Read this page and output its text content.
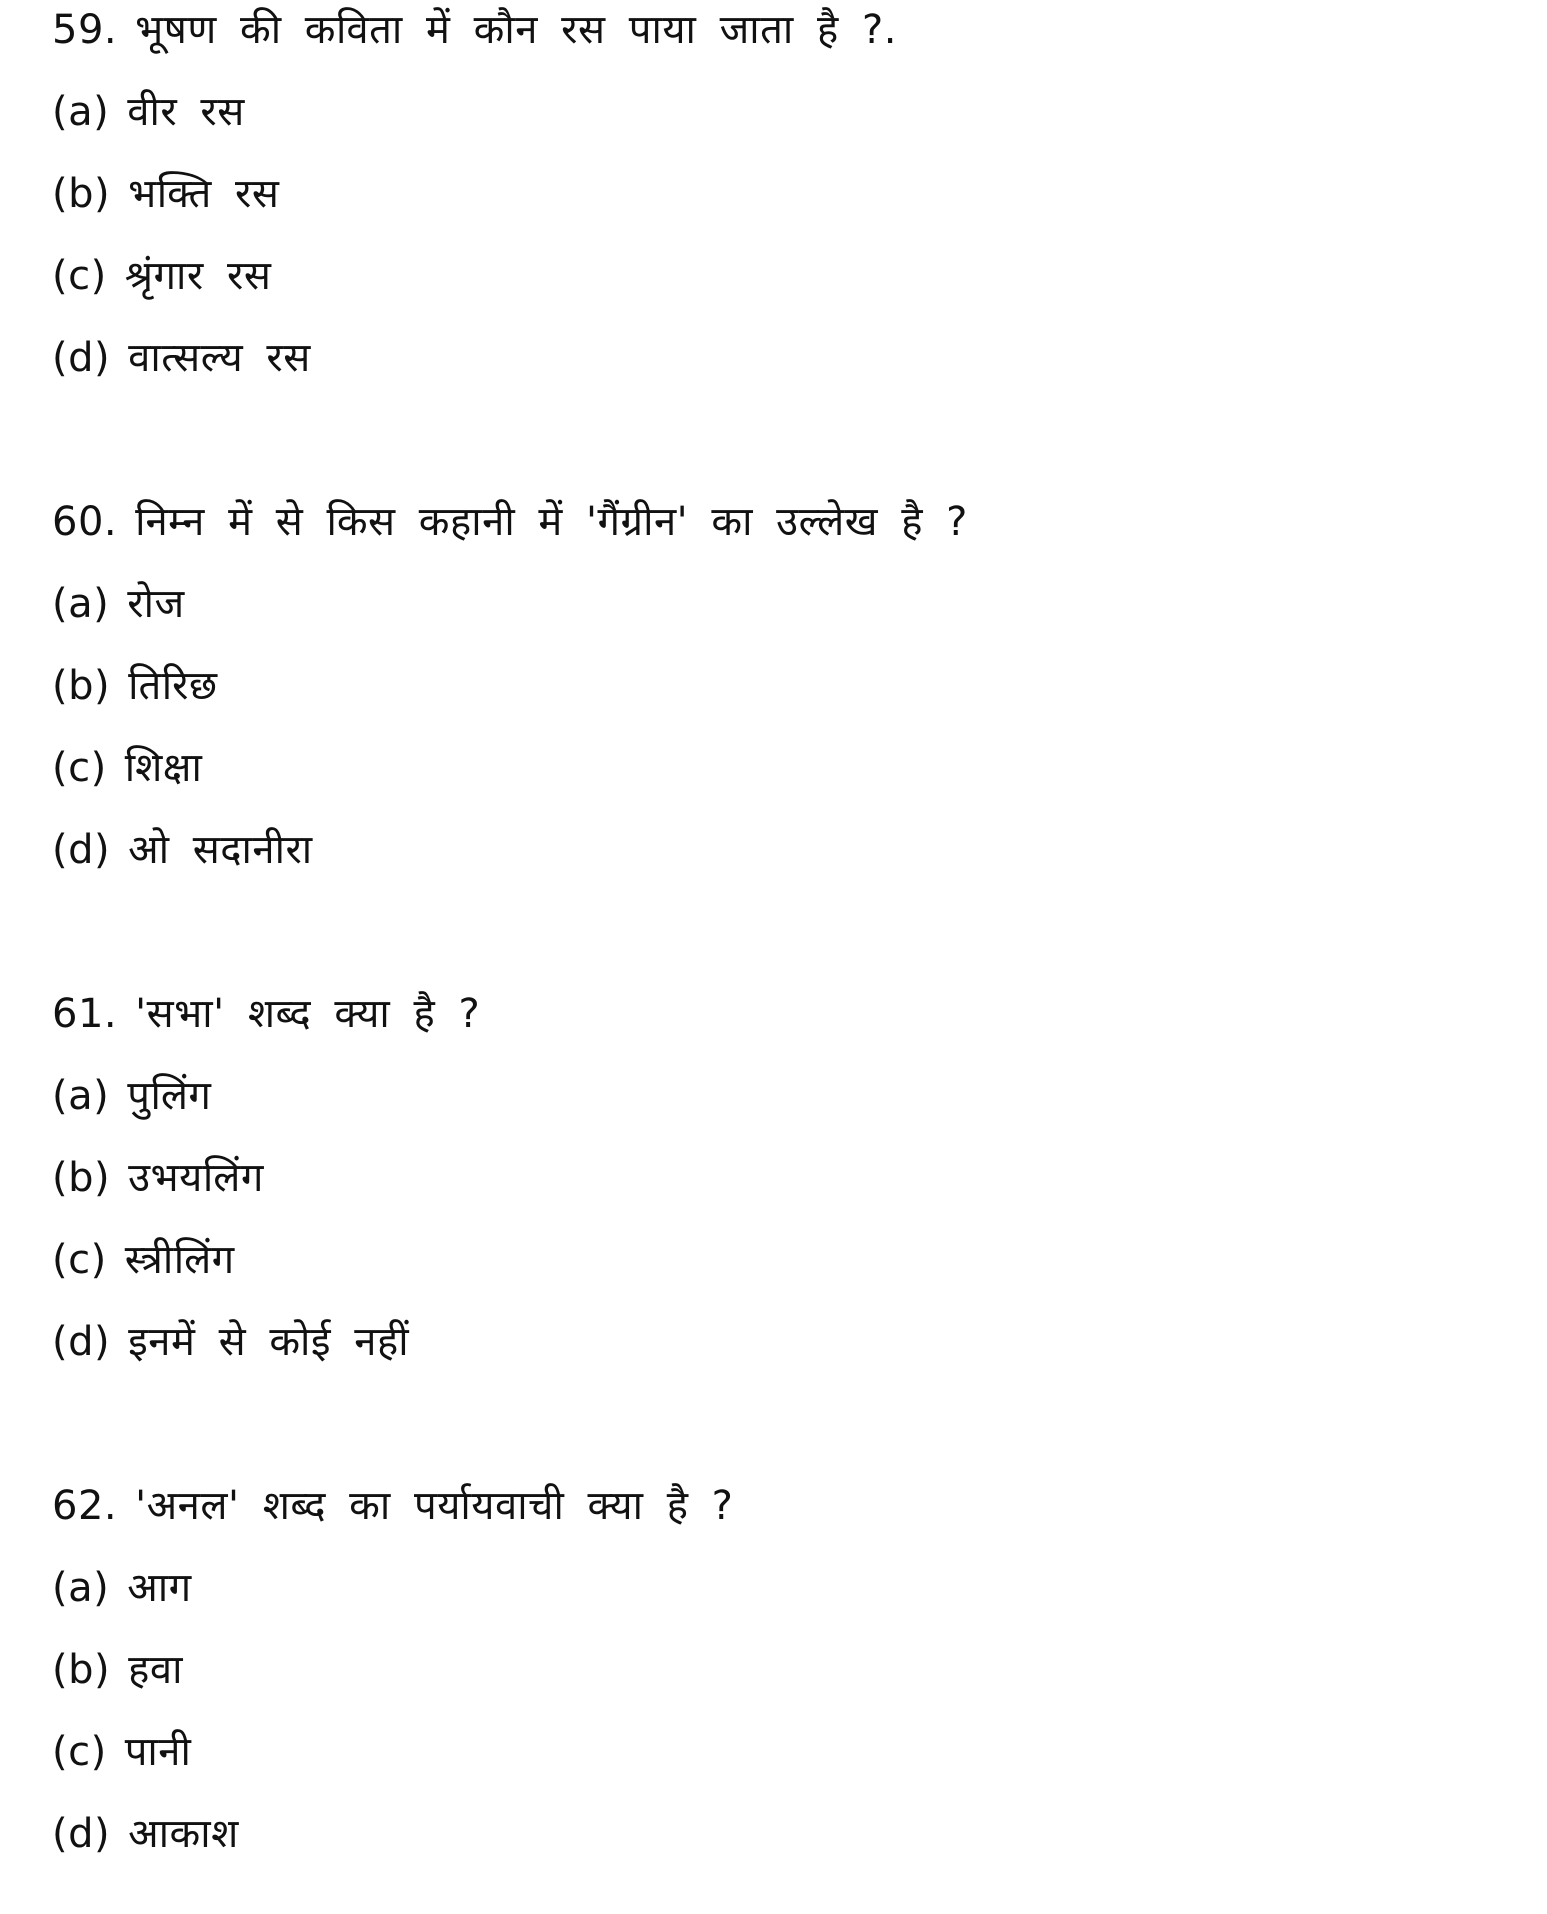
59. भूषण की कविता में कौन रस पाया जाता है ?.
(a) वीर रस
(b) भक्ति रस
(c) श्रृंगार रस
(d) वात्सल्य रस
60. निम्न में से किस कहानी में 'गैंग्रीन' का उल्लेख है ?
(a) रोज
(b) तिरिछ
(c) शिक्षा
(d) ओ सदानीरा
61. 'सभा' शब्द क्या है ?
(a) पुलिंग
(b) उभयलिंग
(c) स्त्रीलिंग
(d) इनमें से कोई नहीं
62. 'अनल' शब्द का पर्यायवाची क्या है ?
(a) आग
(b) हवा
(c) पानी
(d) आकाश
